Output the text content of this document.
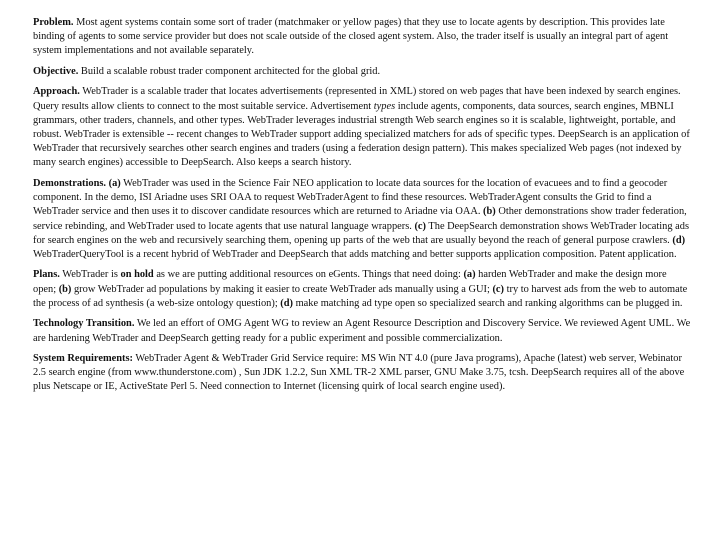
Problem. Most agent systems contain some sort of trader (matchmaker or yellow pages) that they use to locate agents by description. This provides late binding of agents to some service provider but does not scale outside of the closed agent system. Also, the trader itself is usually an integral part of agent system implementations and not available separately.

Objective. Build a scalable robust trader component architected for the global grid.

Approach. WebTrader is a scalable trader that locates advertisements (represented in XML) stored on web pages that have been indexed by search engines. Query results allow clients to connect to the most suitable service. Advertisement types include agents, components, data sources, search engines, MBNLI grammars, other traders, channels, and other types. WebTrader leverages industrial strength Web search engines so it is scalable, lightweight, portable, and robust. WebTrader is extensible -- recent changes to WebTrader support adding specialized matchers for ads of specific types. DeepSearch is an application of WebTrader that recursively searches other search engines and traders (using a federation design pattern). This makes specialized Web pages (not indexed by many search engines) accessible to DeepSearch. Also keeps a search history.

Demonstrations. (a) WebTrader was used in the Science Fair NEO application to locate data sources for the location of evacuees and to find a geocoder component. In the demo, ISI Ariadne uses SRI OAA to request WebTraderAgent to find these resources. WebTraderAgent consults the Grid to find a WebTrader service and then uses it to discover candidate resources which are returned to Ariadne via OAA. (b) Other demonstrations show trader federation, service rebinding, and WebTrader used to locate agents that use natural language wrappers. (c) The DeepSearch demonstration shows WebTrader locating ads for search engines on the web and recursively searching them, opening up parts of the web that are usually beyond the reach of general purpose crawlers. (d) WebTraderQueryTool is a recent hybrid of WebTrader and DeepSearch that adds matching and better supports application composition. Patent application.

Plans. WebTrader is on hold as we are putting additional resources on eGents. Things that need doing: (a) harden WebTrader and make the design more open; (b) grow WebTrader ad populations by making it easier to create WebTrader ads manually using a GUI; (c) try to harvest ads from the web to automate the process of ad synthesis (a web-size ontology question); (d) make matching ad type open so specialized search and ranking algorithms can be plugged in.

Technology Transition. We led an effort of OMG Agent WG to review an Agent Resource Description and Discovery Service. We reviewed Agent UML. We are hardening WebTrader and DeepSearch getting ready for a public experiment and possible commercialization.

System Requirements: WebTrader Agent & WebTrader Grid Service require: MS Win NT 4.0 (pure Java programs), Apache (latest) web server, Webinator 2.5 search engine (from www.thunderstone.com) , Sun JDK 1.2.2, Sun XML TR-2 XML parser, GNU Make 3.75, tcsh. DeepSearch requires all of the above plus Netscape or IE, ActiveState Perl 5. Need connection to Internet (licensing quirk of local search engine used).
